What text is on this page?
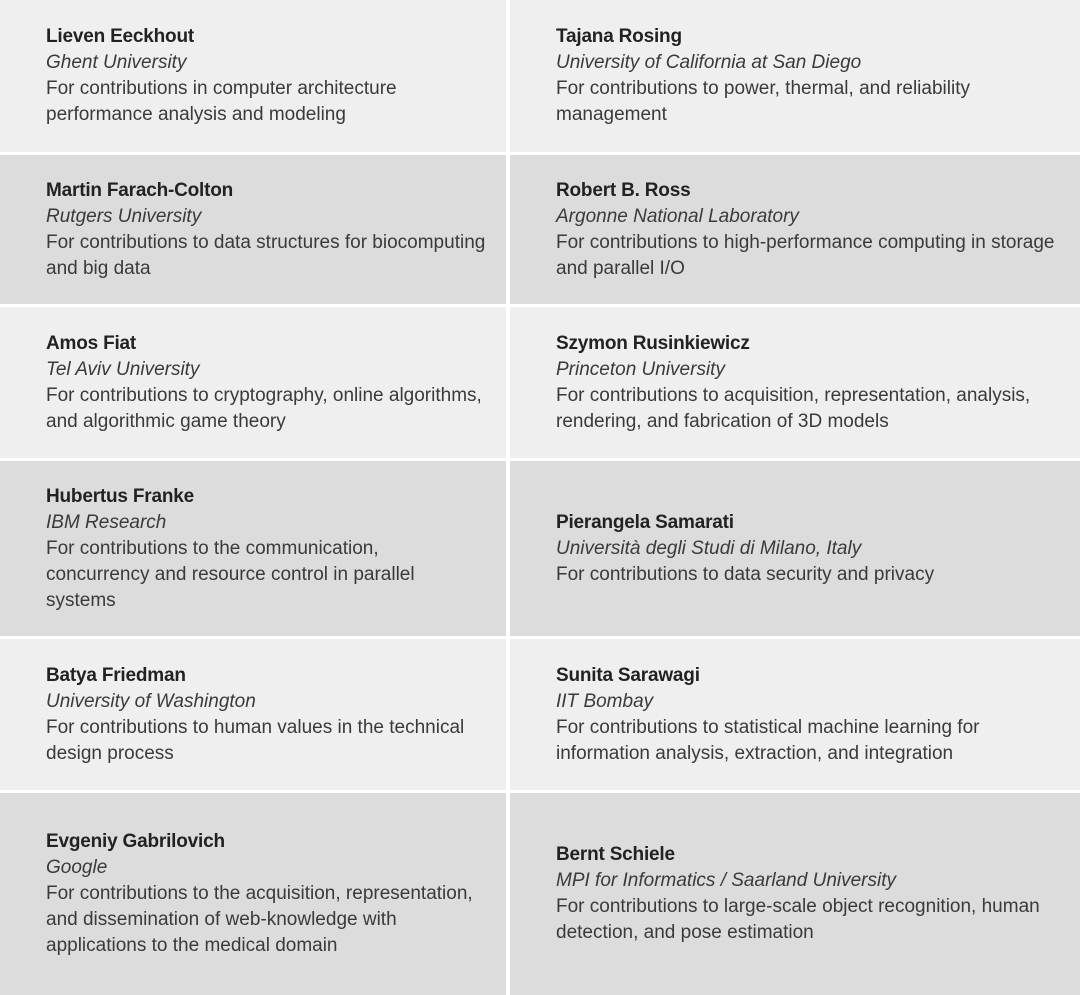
Lieven Eeckhout
Ghent University
For contributions in computer architecture performance analysis and modeling
Tajana Rosing
University of California at San Diego
For contributions to power, thermal, and reliability management
Martin Farach-Colton
Rutgers University
For contributions to data structures for biocomputing and big data
Robert B. Ross
Argonne National Laboratory
For contributions to high-performance computing in storage and parallel I/O
Amos Fiat
Tel Aviv University
For contributions to cryptography, online algorithms, and algorithmic game theory
Szymon Rusinkiewicz
Princeton University
For contributions to acquisition, representation, analysis, rendering, and fabrication of 3D models
Hubertus Franke
IBM Research
For contributions to the communication, concurrency and resource control in parallel systems
Pierangela Samarati
Università degli Studi di Milano, Italy
For contributions to data security and privacy
Batya Friedman
University of Washington
For contributions to human values in the technical design process
Sunita Sarawagi
IIT Bombay
For contributions to statistical machine learning for information analysis, extraction, and integration
Evgeniy Gabrilovich
Google
For contributions to the acquisition, representation, and dissemination of web-knowledge with applications to the medical domain
Bernt Schiele
MPI for Informatics / Saarland University
For contributions to large-scale object recognition, human detection, and pose estimation
